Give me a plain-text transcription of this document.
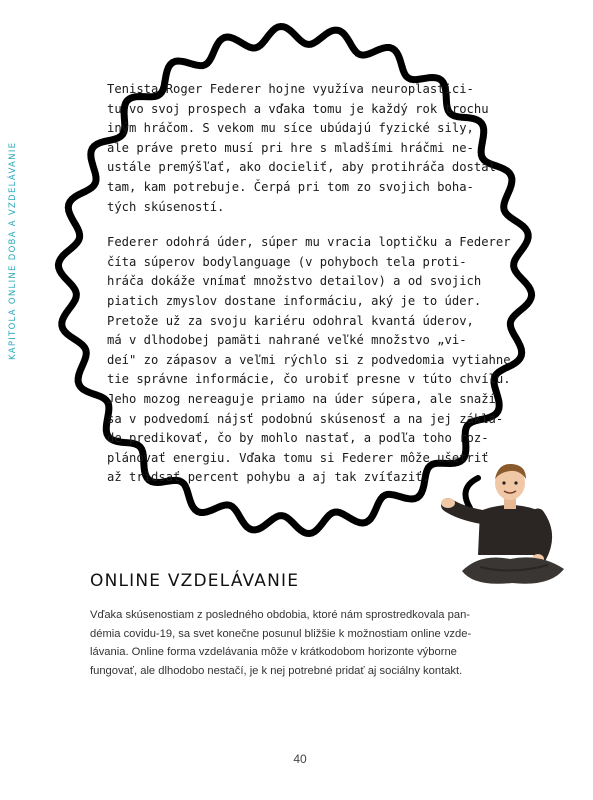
KAPITOLA ONLINE DOBA A VZDELÁVANIE
Tenista Roger Federer hojne využíva neuroplastici-
tu vo svoj prospech a vďaka tomu je každý rok trochu
iným hráčom. S vekom mu síce ubúdajú fyzické sily,
ale práve preto musí pri hre s mladšími hráčmi ne-
ustále premýšľať, ako docieliť, aby protihráča dostal
tam, kam potrebuje. Čerpá pri tom zo svojich boha-
tých skúseností.
Federer odohrá úder, súper mu vracia loptičku a Federer
číta súperov bodylanguage (v pohyboch tela proti-
hráča dokáže vnímať množstvo detailov) a od svojich
piatich zmyslov dostane informáciu, aký je to úder.
Pretože už za svoju kariéru odohral kvantá úderov,
má v dlhodobej pamäti nahrané veľké množstvo „vi-
deí" zo zápasov a veľmi rýchlo si z podvedomia vytiahne
tie správne informácie, čo urobiť presne v túto chvíľu.
Jeho mozog nereaguje priamo na úder súpera, ale snaží
sa v podvedomí nájsť podobnú skúsenosť a na jej zákla-
de predikovať, čo by mohlo nastať, a podľa toho roz-
plánovať energiu. Vďaka tomu si Federer môže ušetriť
až tridsať percent pohybu a aj tak zvíťaziť.
ONLINE VZDELÁVANIE
Vďaka skúsenostiam z posledného obdobia, ktoré nám sprostredkovala pan-
démia covidu-19, sa svet konečne posunul bližšie k možnostiam online vzde-
lávania. Online forma vzdelávania môže v krátkodobom horizonte výborne
fungovať, ale dlhodobo nestačí, je k nej potrebné pridať aj sociálny kontakt.
40
